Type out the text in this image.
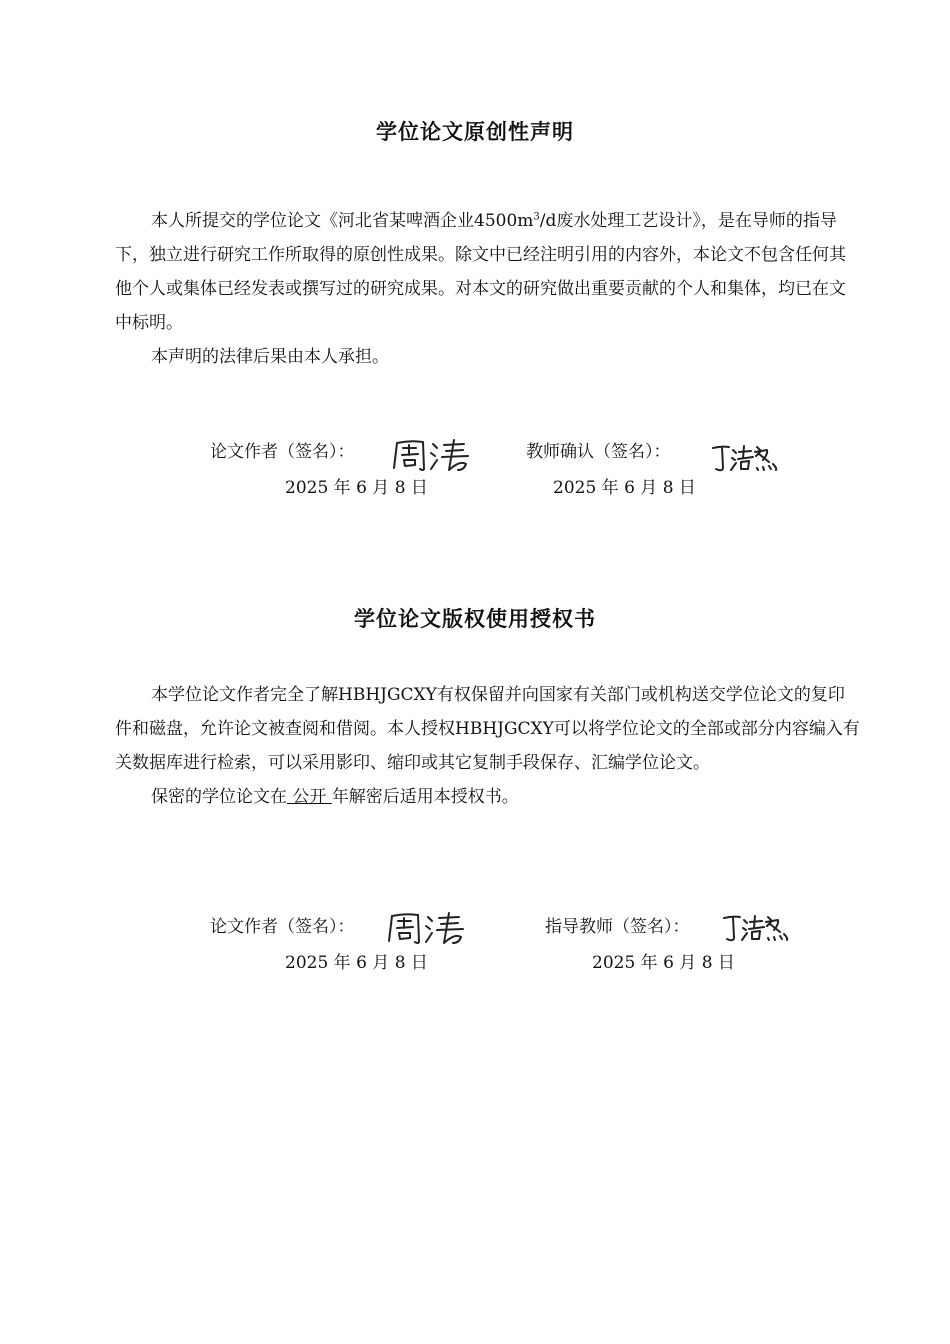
学位论文原创性声明

本人所提交的学位论文《河北省某啤酒企业$4500m^3/d$废水处理工艺设计》，是在导师的指导下，独立进行研究工作所取得的原创性成果。除文中已经注明引用的内容外，本论文不包含任何其他个人或集体已经发表或撰写过的研究成果。对本文的研究做出重要贡献的个人和集体，均已在文中标明。

本声明的法律后果由本人承担。

论文作者（签名）：
2025 年 6 月 8 日
教师确认（签名）：
2025 年 6 月 8 日
学位论文版权使用授权书

本学位论文作者完全了解HBHJGCXY有权保留并向国家有关部门或机构送交学位论文的复印件和磁盘，允许论文被查阅和借阅。本人授权HBHJGCXY可以将学位论文的全部或部分内容编入有关数据库进行检索，可以采用影印、缩印或其它复制手段保存、汇编学位论文。

保密的学位论文在 公开 年解密后适用本授权书。

论文作者（签名）：
2025 年 6 月 8 日
指导教师（签名）：
2025 年 6 月 8 日
